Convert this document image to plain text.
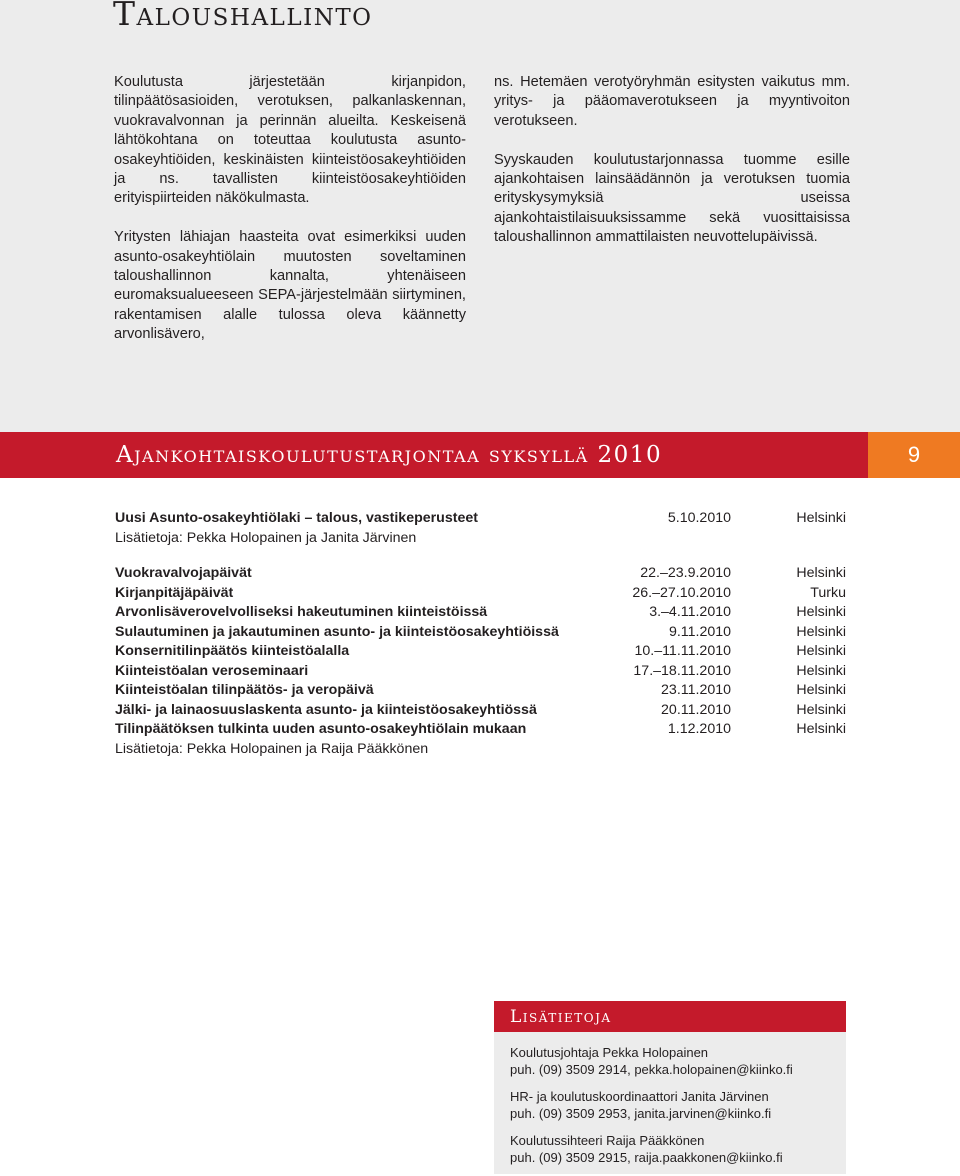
Taloushallinto

Koulutusta järjestetään kirjanpidon, tilinpäätösasioiden, verotuksen, palkanlaskennan, vuokravalvonnan ja perinnän alueilta. Keskeisenä lähtökohtana on toteuttaa koulutusta asunto-osakeyhtiöiden, keskinäisten kiinteistöosakeyhtiöiden ja ns. tavallisten kiinteistöosakeyhtiöiden erityispiirteiden näkökulmasta.

Yritysten lähiajan haasteita ovat esimerkiksi uuden asunto-osakeyhtiölain muutosten soveltaminen taloushallinnon kannalta, yhtenäiseen euromaksualueeseen SEPA-järjestelmään siirtyminen, rakentamisen alalle tulossa oleva käännetty arvonlisävero,

ns. Hetemäen verotyöryhmän esitysten vaikutus mm. yritys- ja pääomaverotukseen ja myyntivoiton verotukseen.

Syyskauden koulutustarjonnassa tuomme esille ajankohtaisen lainsäädännön ja verotuksen tuomia erityskysymyksiä useissa ajankohtaistilaisuuksissamme sekä vuosittaisissa taloushallinnon ammattilaisten neuvottelupäivissä.

Ajankohtaiskoulutustarjontaa syksyllä 2010	9
Uusi Asunto-osakeyhtiölaki – talous, vastikeperusteet	5.10.2010	Helsinki
Lisätietoja: Pekka Holopainen ja Janita Järvinen
Vuokravalvojapäivät	22.–23.9.2010	Helsinki
Kirjanpitäjäpäivät	26.–27.10.2010	Turku
Arvonlisäverovelvolliseksi hakeutuminen kiinteistöissä	3.–4.11.2010	Helsinki
Sulautuminen ja jakautuminen asunto- ja kiinteistöosakeyhtiöissä	9.11.2010	Helsinki
Konsernitilinpäätös kiinteistöalalla	10.–11.11.2010	Helsinki
Kiinteistöalan veroseminaari	17.–18.11.2010	Helsinki
Kiinteistöalan tilinpäätös- ja veropäivä	23.11.2010	Helsinki
Jälki- ja lainaosuuslaskenta asunto- ja kiinteistöosakeyhtiössä	20.11.2010	Helsinki
Tilinpäätöksen tulkinta uuden asunto-osakeyhtiölain mukaan	1.12.2010	Helsinki
Lisätietoja: Pekka Holopainen ja Raija Pääkkönen
Lisätietoja
Koulutusjohtaja Pekka Holopainen
puh. (09) 3509 2914, pekka.holopainen@kiinko.fi
HR- ja koulutuskoordinaattori Janita Järvinen
puh. (09) 3509 2953, janita.jarvinen@kiinko.fi
Koulutussihteeri Raija Pääkkönen
puh. (09) 3509 2915, raija.paakkonen@kiinko.fi
